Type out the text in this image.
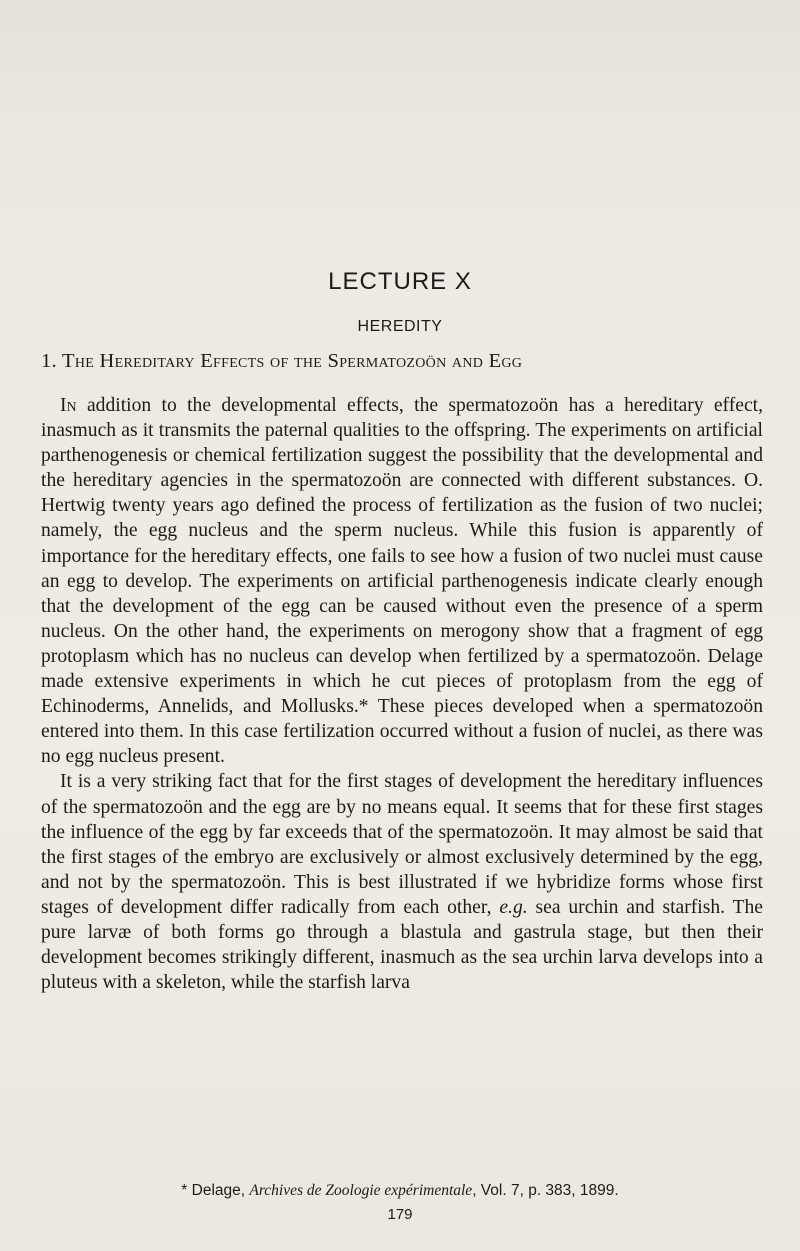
LECTURE X
HEREDITY
1. The Hereditary Effects of the Spermatozoön and Egg

In addition to the developmental effects, the spermatozoön has a hereditary effect, inasmuch as it transmits the paternal qualities to the offspring. The experiments on artificial parthenogenesis or chemical fertilization suggest the possibility that the developmental and the hereditary agencies in the spermatozoön are connected with different substances. O. Hertwig twenty years ago defined the process of fertilization as the fusion of two nuclei; namely, the egg nucleus and the sperm nucleus. While this fusion is apparently of importance for the hereditary effects, one fails to see how a fusion of two nuclei must cause an egg to develop. The experiments on artificial parthenogenesis indicate clearly enough that the development of the egg can be caused without even the presence of a sperm nucleus. On the other hand, the experiments on merogony show that a fragment of egg protoplasm which has no nucleus can develop when fertilized by a spermatozoön. Delage made extensive experiments in which he cut pieces of protoplasm from the egg of Echinoderms, Annelids, and Mollusks.* These pieces developed when a spermatozoön entered into them. In this case fertilization occurred without a fusion of nuclei, as there was no egg nucleus present.

It is a very striking fact that for the first stages of development the hereditary influences of the spermatozoön and the egg are by no means equal. It seems that for these first stages the influence of the egg by far exceeds that of the spermatozoön. It may almost be said that the first stages of the embryo are exclusively or almost exclusively determined by the egg, and not by the spermatozoön. This is best illustrated if we hybridize forms whose first stages of development differ radically from each other, e.g. sea urchin and starfish. The pure larvæ of both forms go through a blastula and gastrula stage, but then their development becomes strikingly different, inasmuch as the sea urchin larva develops into a pluteus with a skeleton, while the starfish larva

* Delage, Archives de Zoologie expérimentale, Vol. 7, p. 383, 1899.
179
